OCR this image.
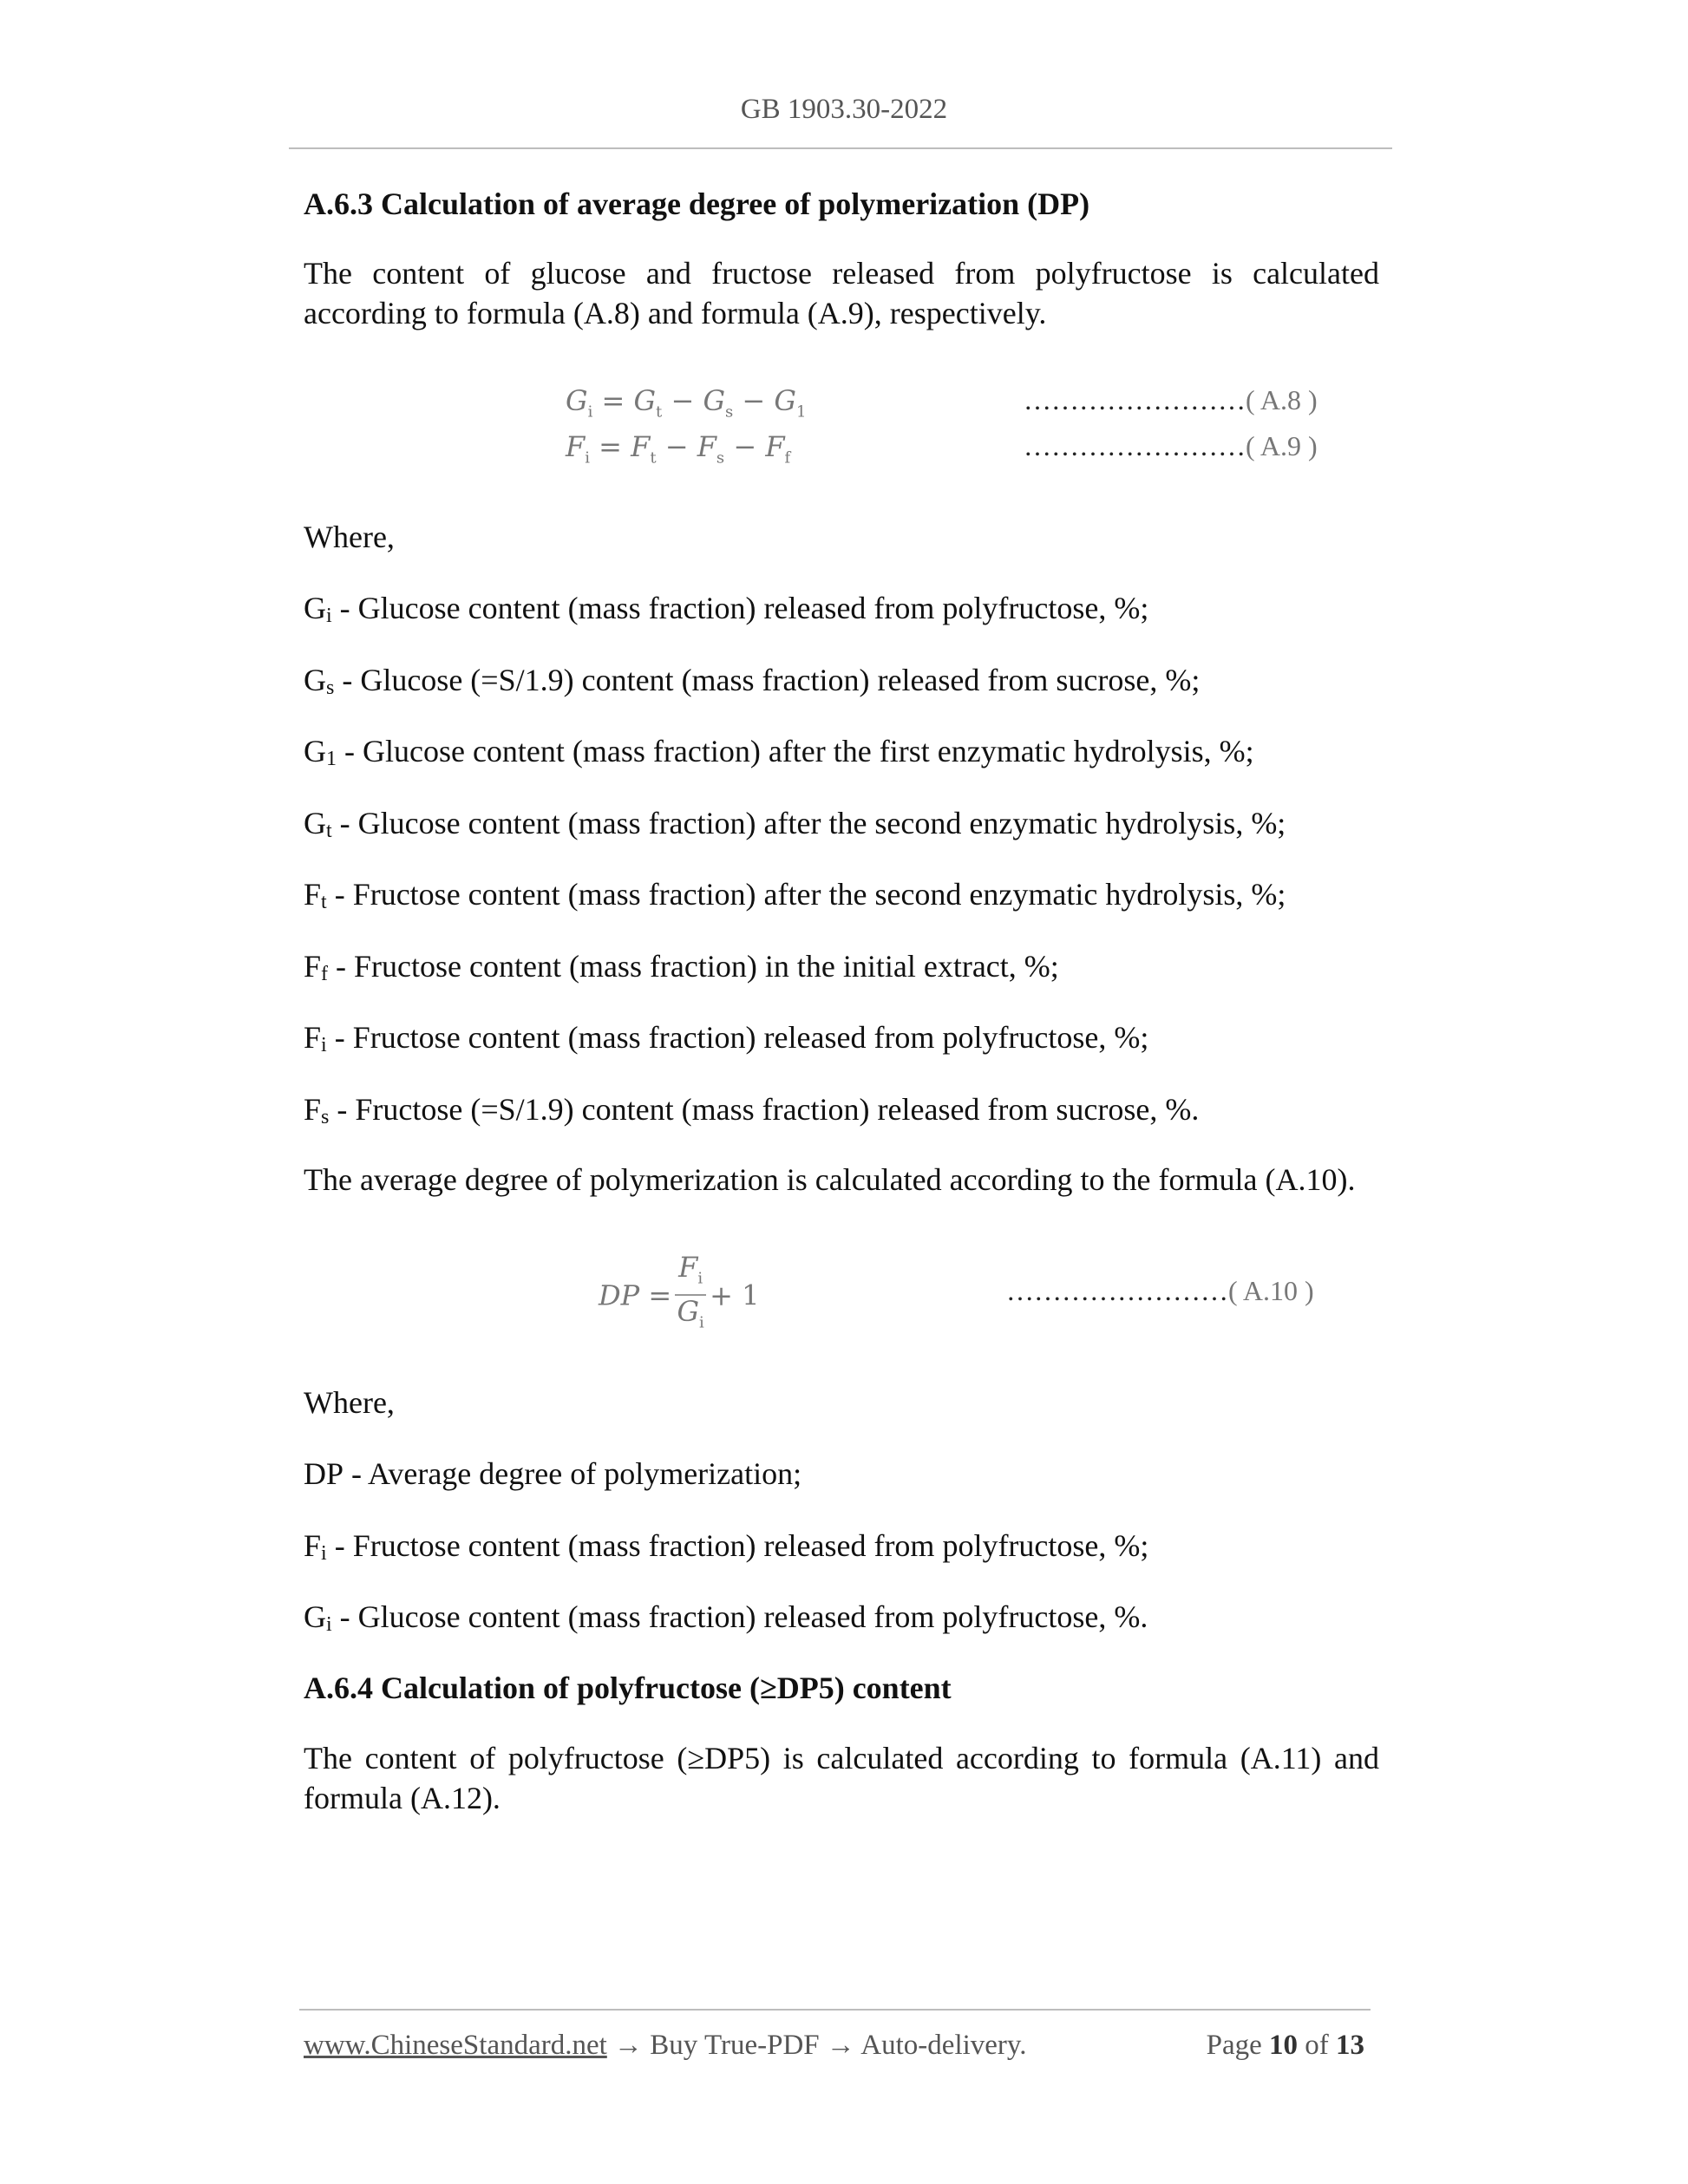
GB 1903.30-2022
A.6.3 Calculation of average degree of polymerization (DP)
The content of glucose and fructose released from polyfructose is calculated according to formula (A.8) and formula (A.9), respectively.
$G_i = G_t - G_s - G_1$	……………………( A.8 )
$F_i = F_t - F_s - F_f$	……………………( A.9 )
Where,
$G_i$ - Glucose content (mass fraction) released from polyfructose, %;
$G_s$ - Glucose (=S/1.9) content (mass fraction) released from sucrose, %;
$G_1$ - Glucose content (mass fraction) after the first enzymatic hydrolysis, %;
$G_t$ - Glucose content (mass fraction) after the second enzymatic hydrolysis, %;
$F_t$ - Fructose content (mass fraction) after the second enzymatic hydrolysis, %;
$F_f$ - Fructose content (mass fraction) in the initial extract, %;
$F_i$ - Fructose content (mass fraction) released from polyfructose, %;
$F_s$ - Fructose (=S/1.9) content (mass fraction) released from sucrose, %.
The average degree of polymerization is calculated according to the formula (A.10).
DP = $\frac{F_i}{G_i} + 1$	……………………( A.10 )
Where,
DP - Average degree of polymerization;
$F_i$ - Fructose content (mass fraction) released from polyfructose, %;
$G_i$ - Glucose content (mass fraction) released from polyfructose, %.
A.6.4 Calculation of polyfructose (≥DP5) content
The content of polyfructose (≥DP5) is calculated according to formula (A.11) and formula (A.12).
www.ChineseStandard.net → Buy True-PDF → Auto-delivery.	Page 10 of 13
